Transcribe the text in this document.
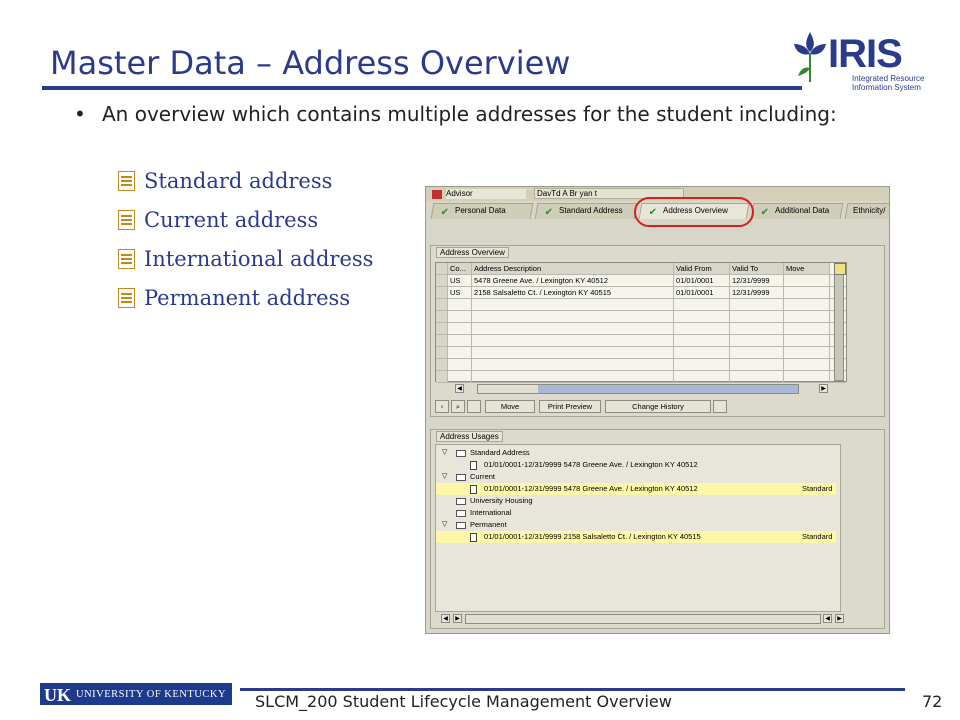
Master Data – Address Overview	IRIS
Integrated Resource Information System
• An overview which contains multiple addresses for the student including:
Standard address
Current address
International address
Permanent address
Advisor	DavTd A Br yan t
✔ Personal Data	✔ Standard Address	✔ Address Overview	✔ Additional Data	Ethnicity/
Address Overview
Co...	Address Description	Valid From	Valid To	Move
US	5478 Greene Ave. / Lexington KY 40512	01/01/0001	12/31/9999
US	2158 Salsaletto Ct. / Lexington KY 40515	01/01/0001	12/31/9999
◀	▶
▫	⌕	Move	Print Preview	Change History
Address Usages
▽	Standard Address
01/01/0001-12/31/9999 5478 Greene Ave. / Lexington KY 40512
▽	Current
01/01/0001-12/31/9999 5478 Greene Ave. / Lexington KY 40512	Standard
University Housing
International
▽	Permanent
01/01/0001-12/31/9999 2158 Salsaletto Ct. / Lexington KY 40515	Standard
◀	▶	◀	▶
UK UNIVERSITY OF KENTUCKY SLCM_200 Student Lifecycle Management Overview	72
